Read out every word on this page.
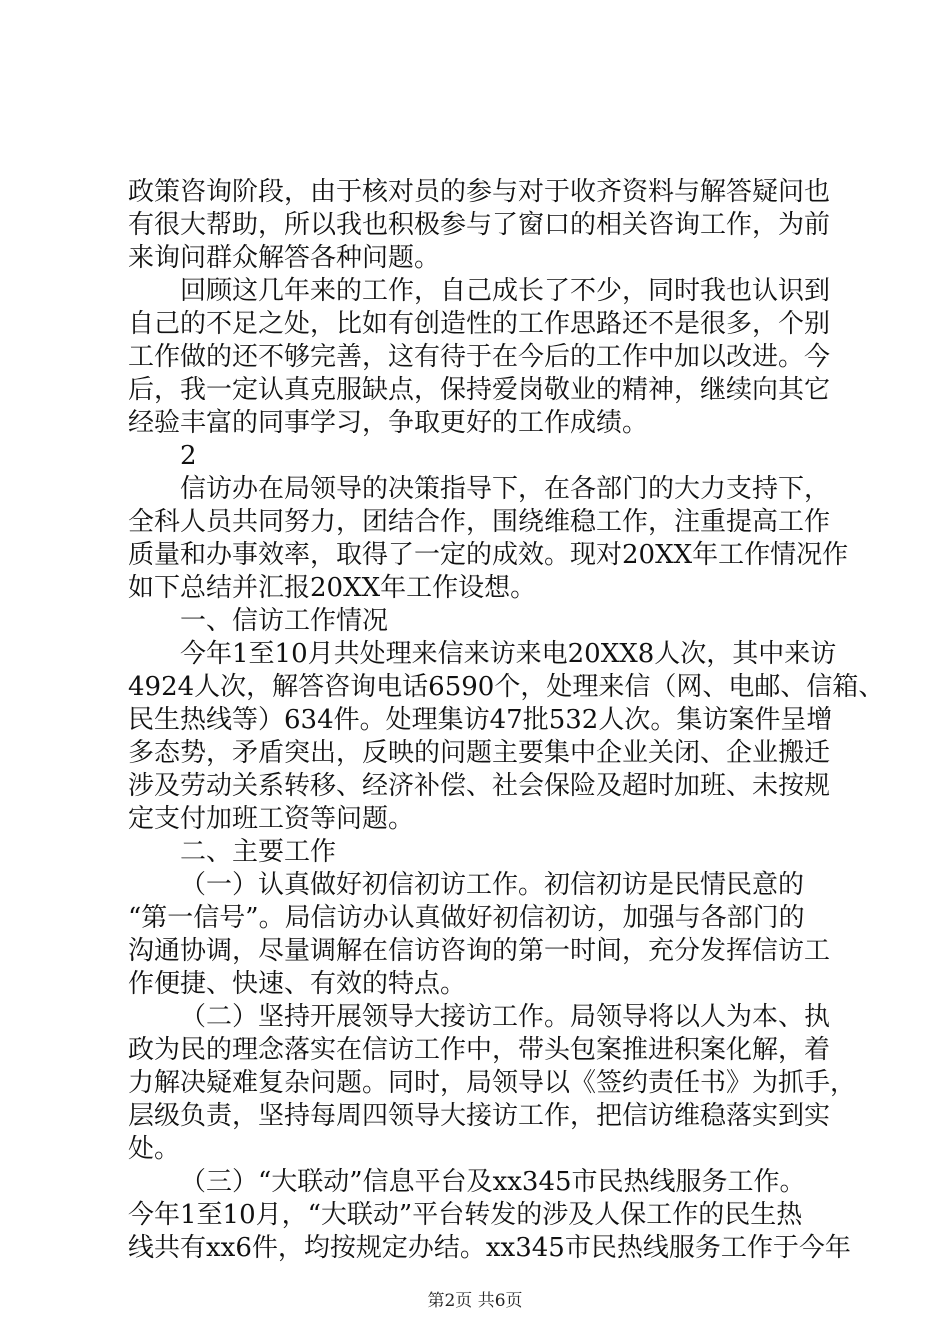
政策咨询阶段，由于核对员的参与对于收齐资料与解答疑问也
有很大帮助，所以我也积极参与了窗口的相关咨询工作，为前
来询问群众解答各种问题。
回顾这几年来的工作，自己成长了不少，同时我也认识到
自己的不足之处，比如有创造性的工作思路还不是很多，个别
工作做的还不够完善，这有待于在今后的工作中加以改进。今
后，我一定认真克服缺点，保持爱岗敬业的精神，继续向其它
经验丰富的同事学习，争取更好的工作成绩。
2
信访办在局领导的决策指导下，在各部门的大力支持下，
全科人员共同努力，团结合作，围绕维稳工作，注重提高工作
质量和办事效率，取得了一定的成效。现对20XX年工作情况作
如下总结并汇报20XX年工作设想。
一、信访工作情况
今年1至10月共处理来信来访来电20XX8人次，其中来访
4924人次，解答咨询电话6590个，处理来信（网、电邮、信箱、
民生热线等）634件。处理集访47批532人次。集访案件呈增
多态势，矛盾突出，反映的问题主要集中企业关闭、企业搬迁
涉及劳动关系转移、经济补偿、社会保险及超时加班、未按规
定支付加班工资等问题。
二、主要工作
（一）认真做好初信初访工作。初信初访是民情民意的
“第一信号”。局信访办认真做好初信初访，加强与各部门的
沟通协调，尽量调解在信访咨询的第一时间，充分发挥信访工
作便捷、快速、有效的特点。
（二）坚持开展领导大接访工作。局领导将以人为本、执
政为民的理念落实在信访工作中，带头包案推进积案化解，着
力解决疑难复杂问题。同时，局领导以《签约责任书》为抓手，
层级负责，坚持每周四领导大接访工作，把信访维稳落实到实
处。
（三）“大联动”信息平台及xx345市民热线服务工作。
今年1至10月，“大联动”平台转发的涉及人保工作的民生热
线共有xx6件，均按规定办结。xx345市民热线服务工作于今年
第2页 共6页
